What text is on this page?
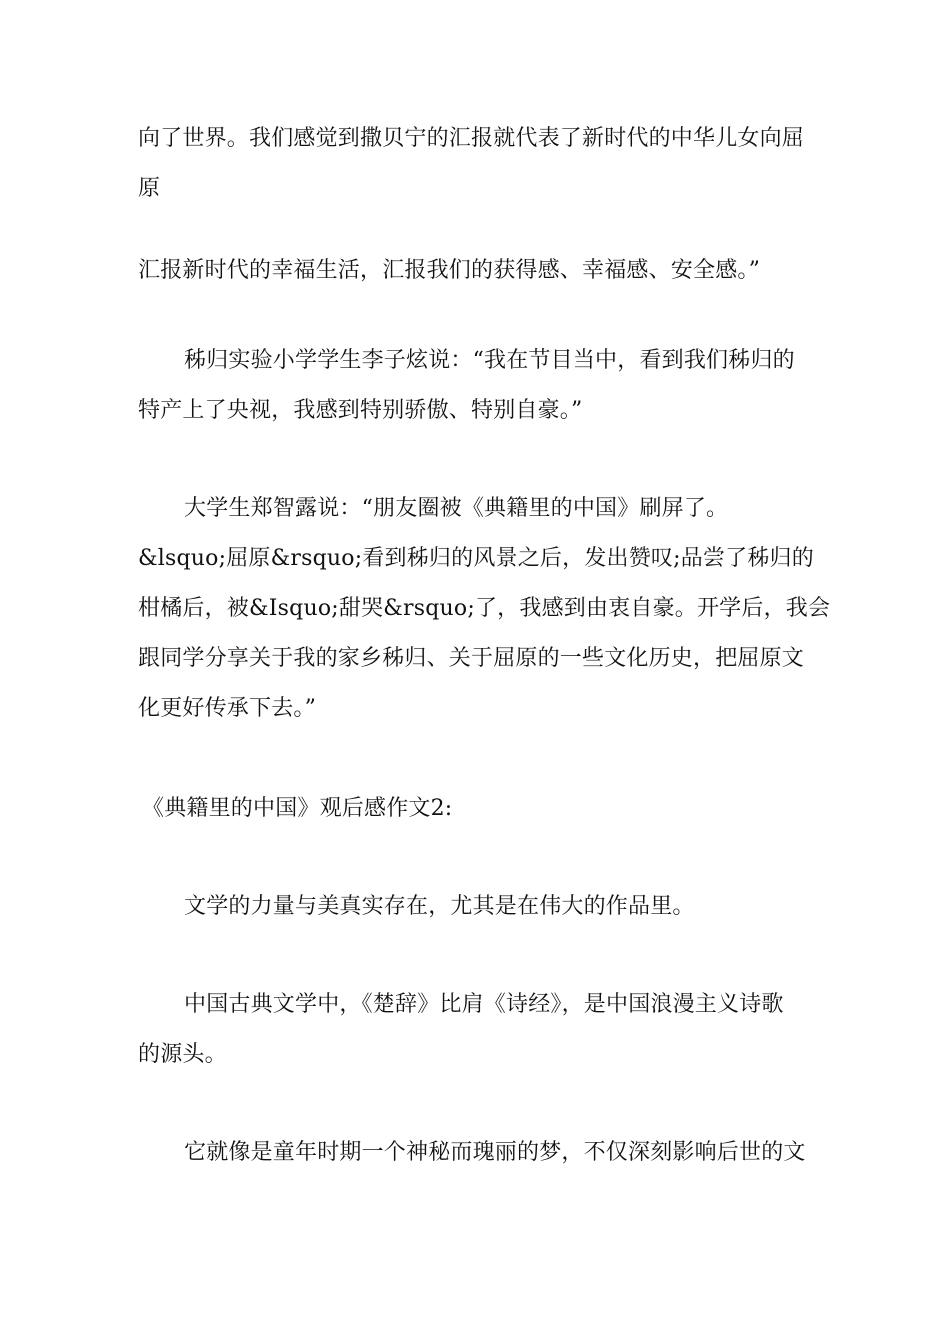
向了世界。我们感觉到撒贝宁的汇报就代表了新时代的中华儿女向屈
原
汇报新时代的幸福生活，汇报我们的获得感、幸福感、安全感。”
秭归实验小学学生李子炫说：“我在节目当中，看到我们秭归的
特产上了央视，我感到特别骄傲、特别自豪。”
大学生郑智露说：“朋友圈被《典籍里的中国》刷屏了。
&lsquo;屈原&rsquo;看到秭归的风景之后，发出赞叹;品尝了秭归的
柑橘后，被&Isquo;甜哭&rsquo;了，我感到由衷自豪。开学后，我会
跟同学分享关于我的家乡秭归、关于屈原的一些文化历史，把屈原文
化更好传承下去。”
《典籍里的中国》观后感作文2:
文学的力量与美真实存在，尤其是在伟大的作品里。
中国古典文学中，《楚辞》比肩《诗经》，是中国浪漫主义诗歌
的源头。
它就像是童年时期一个神秘而瑰丽的梦，不仅深刻影响后世的文
